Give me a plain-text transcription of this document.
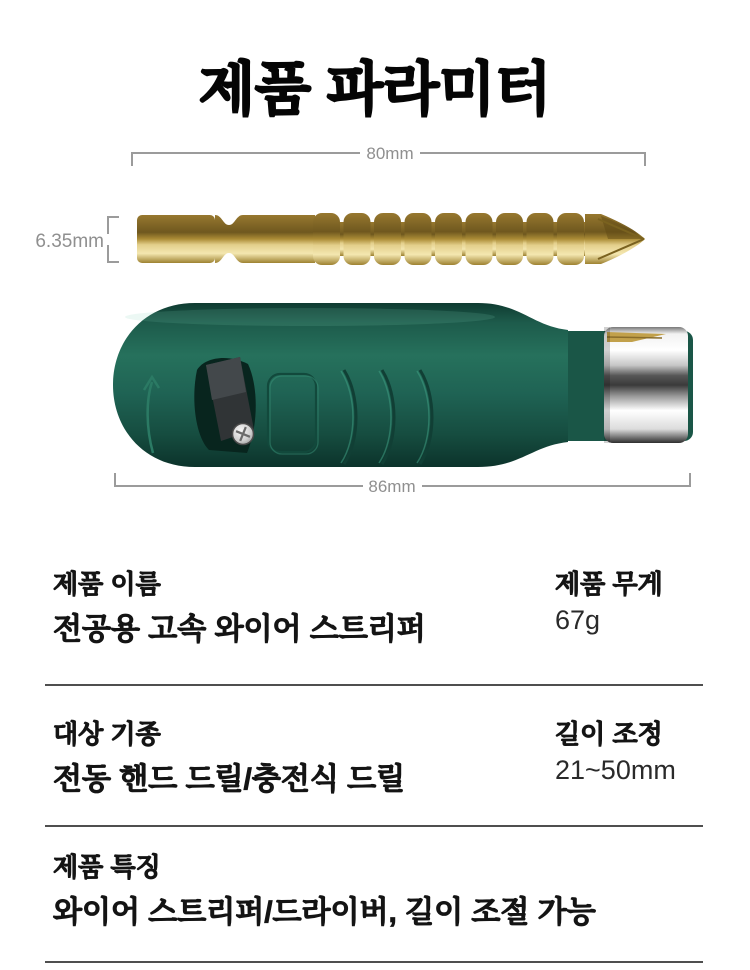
제품 파라미터
80mm
6.35mm
86mm
제품 이름
전공용 고속 와이어 스트리퍼
제품 무게
67g
대상 기종
전동 핸드 드릴/충전식 드릴
길이 조정
21~50mm
제품 특징
와이어 스트리퍼/드라이버, 길이 조절 가능
